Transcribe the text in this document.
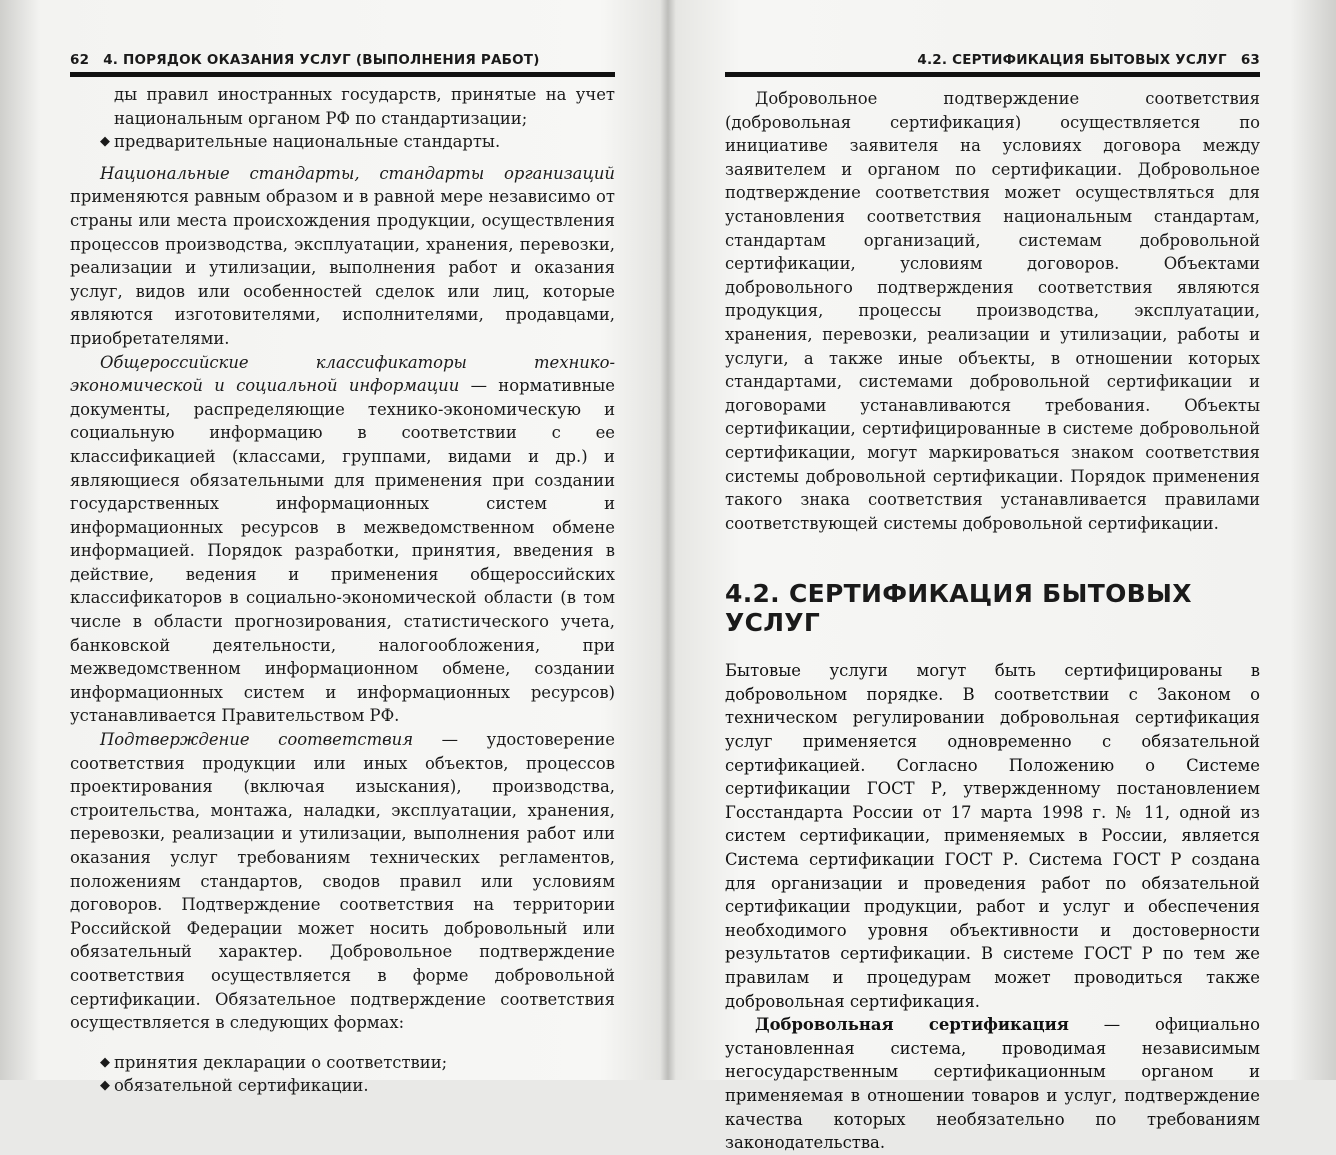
62 4. ПОРЯДОК ОКАЗАНИЯ УСЛУГ (ВЫПОЛНЕНИЯ РАБОТ)

ды правил иностранных государств, принятые на учет национальным органом РФ по стандартизации;

◆ предварительные национальные стандарты.

Национальные стандарты, стандарты организаций применяются равным образом и в равной мере независимо от страны или места происхождения продукции, осуществления процессов производства, эксплуатации, хранения, перевозки, реализации и утилизации, выполнения работ и оказания услуг, видов или особенностей сделок или лиц, которые являются изготовителями, исполнителями, продавцами, приобретателями.

Общероссийские классификаторы технико-экономической и социальной информации — нормативные документы, распределяющие технико-экономическую и социальную информацию в соответствии с ее классификацией (классами, группами, видами и др.) и являющиеся обязательными для применения при создании государственных информационных систем и информационных ресурсов в межведомственном обмене информацией. Порядок разработки, принятия, введения в действие, ведения и применения общероссийских классификаторов в социально-экономической области (в том числе в области прогнозирования, статистического учета, банковской деятельности, налогообложения, при межведомственном информационном обмене, создании информационных систем и информационных ресурсов) устанавливается Правительством РФ.

Подтверждение соответствия — удостоверение соответствия продукции или иных объектов, процессов проектирования (включая изыскания), производства, строительства, монтажа, наладки, эксплуатации, хранения, перевозки, реализации и утилизации, выполнения работ или оказания услуг требованиям технических регламентов, положениям стандартов, сводов правил или условиям договоров. Подтверждение соответствия на территории Российской Федерации может носить добровольный или обязательный характер. Добровольное подтверждение соответствия осуществляется в форме добровольной сертификации. Обязательное подтверждение соответствия осуществляется в следующих формах:

◆ принятия декларации о соответствии;
◆ обязательной сертификации.
4.2. СЕРТИФИКАЦИЯ БЫТОВЫХ УСЛУГ 63

Добровольное подтверждение соответствия (добровольная сертификация) осуществляется по инициативе заявителя на условиях договора между заявителем и органом по сертификации. Добровольное подтверждение соответствия может осуществляться для установления соответствия национальным стандартам, стандартам организаций, системам добровольной сертификации, условиям договоров. Объектами добровольного подтверждения соответствия являются продукция, процессы производства, эксплуатации, хранения, перевозки, реализации и утилизации, работы и услуги, а также иные объекты, в отношении которых стандартами, системами добровольной сертификации и договорами устанавливаются требования. Объекты сертификации, сертифицированные в системе добровольной сертификации, могут маркироваться знаком соответствия системы добровольной сертификации. Порядок применения такого знака соответствия устанавливается правилами соответствующей системы добровольной сертификации.

4.2. СЕРТИФИКАЦИЯ БЫТОВЫХ УСЛУГ

Бытовые услуги могут быть сертифицированы в добровольном порядке. В соответствии с Законом о техническом регулировании добровольная сертификация услуг применяется одновременно с обязательной сертификацией. Согласно Положению о Системе сертификации ГОСТ Р, утвержденному постановлением Госстандарта России от 17 марта 1998 г. № 11, одной из систем сертификации, применяемых в России, является Система сертификации ГОСТ Р. Система ГОСТ Р создана для организации и проведения работ по обязательной сертификации продукции, работ и услуг и обеспечения необходимого уровня объективности и достоверности результатов сертификации. В системе ГОСТ Р по тем же правилам и процедурам может проводиться также добровольная сертификация.

Добровольная сертификация — официально установленная система, проводимая независимым негосударственным сертификационным органом и применяемая в отношении товаров и услуг, подтверждение качества которых необязательно по требованиям законодательства.
